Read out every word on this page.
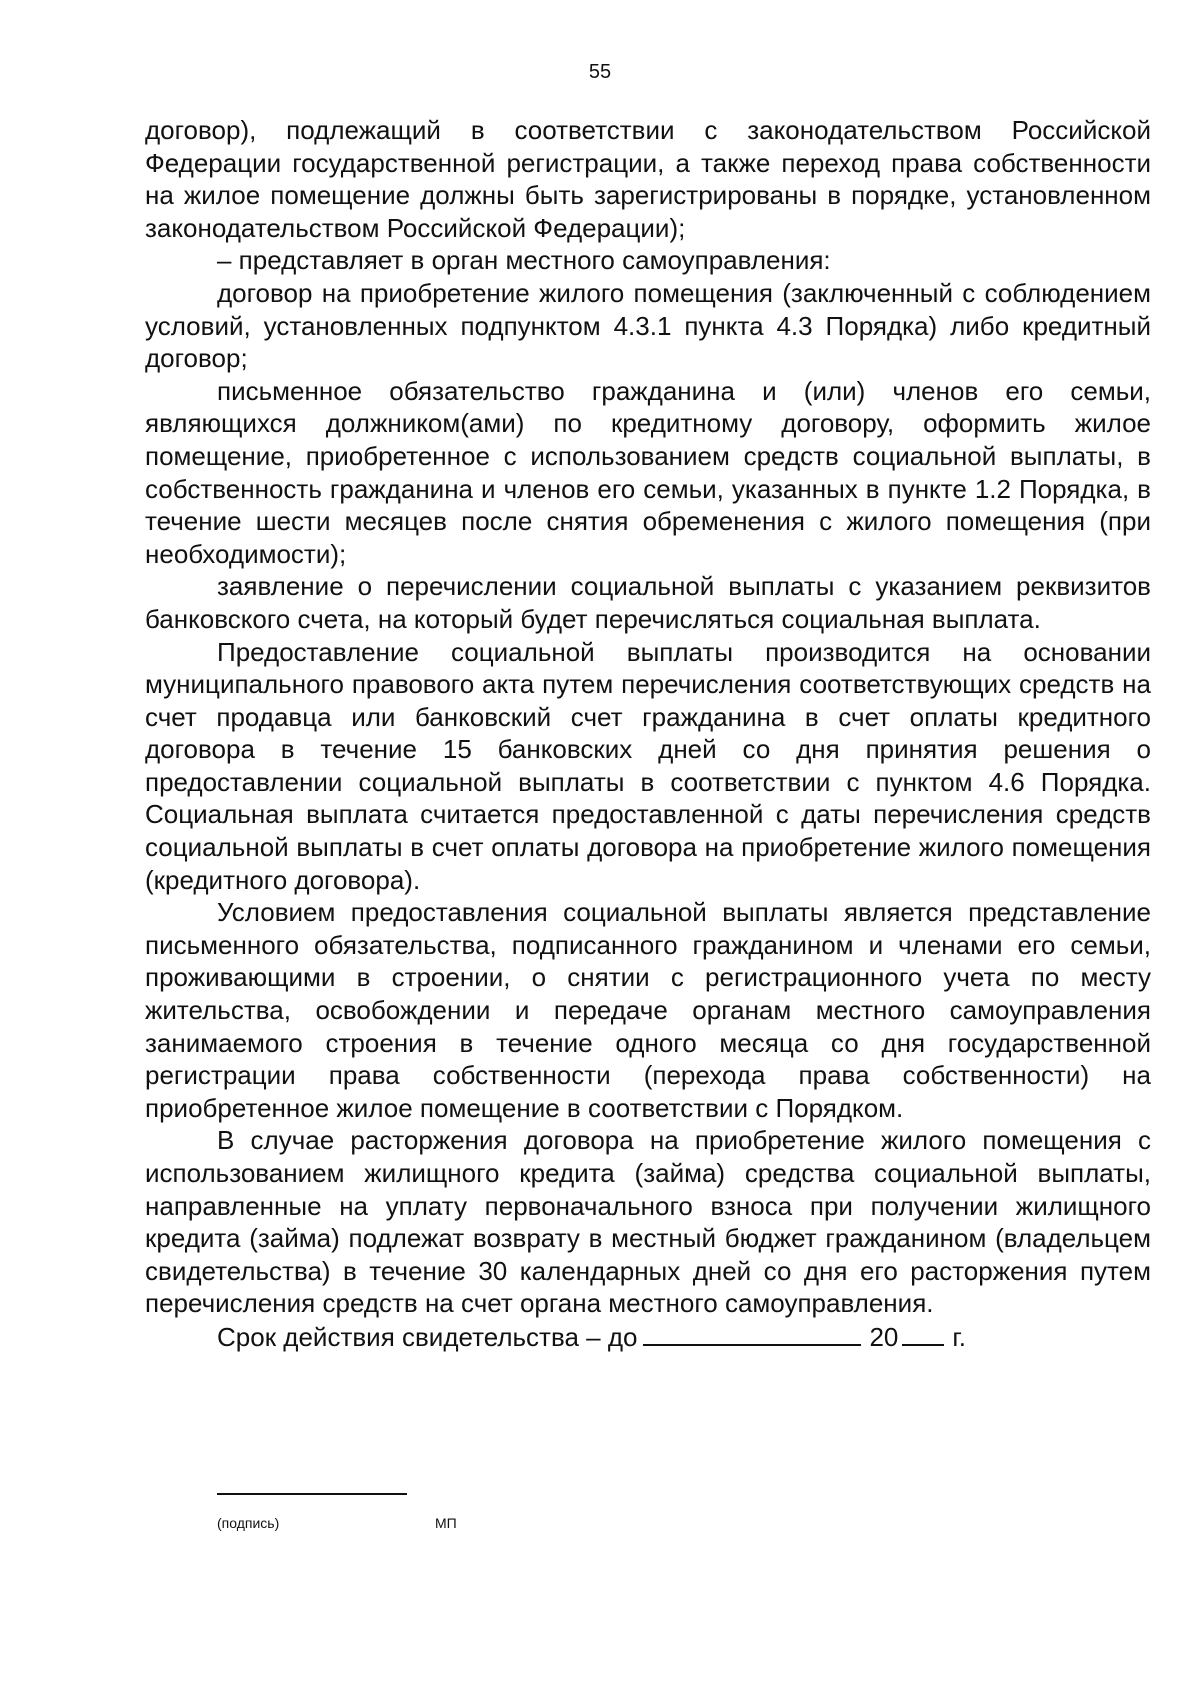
55

договор), подлежащий в соответствии с законодательством Российской Федерации государственной регистрации, а также переход права собственности на жилое помещение должны быть зарегистрированы в порядке, установленном законодательством Российской Федерации);

– представляет в орган местного самоуправления:

договор на приобретение жилого помещения (заключенный с соблюдением условий, установленных подпунктом 4.3.1 пункта 4.3 Порядка) либо кредитный договор;

письменное обязательство гражданина и (или) членов его семьи, являющихся должником(ами) по кредитному договору, оформить жилое помещение, приобретенное с использованием средств социальной выплаты, в собственность гражданина и членов его семьи, указанных в пункте 1.2 Порядка, в течение шести месяцев после снятия обременения с жилого помещения (при необходимости);

заявление о перечислении социальной выплаты с указанием реквизитов банковского счета, на который будет перечисляться социальная выплата.

Предоставление социальной выплаты производится на основании муниципального правового акта путем перечисления соответствующих средств на счет продавца или банковский счет гражданина в счет оплаты кредитного договора в течение 15 банковских дней со дня принятия решения о предоставлении социальной выплаты в соответствии с пунктом 4.6 Порядка. Социальная выплата считается предоставленной с даты перечисления средств социальной выплаты в счет оплаты договора на приобретение жилого помещения (кредитного договора).

Условием предоставления социальной выплаты является представление письменного обязательства, подписанного гражданином и членами его семьи, проживающими в строении, о снятии с регистрационного учета по месту жительства, освобождении и передаче органам местного самоуправления занимаемого строения в течение одного месяца со дня государственной регистрации права собственности (перехода права собственности) на приобретенное жилое помещение в соответствии с Порядком.

В случае расторжения договора на приобретение жилого помещения с использованием жилищного кредита (займа) средства социальной выплаты, направленные на уплату первоначального взноса при получении жилищного кредита (займа) подлежат возврату в местный бюджет гражданином (владельцем свидетельства) в течение 30 календарных дней со дня его расторжения путем перечисления средств на счет органа местного самоуправления.

Срок действия свидетельства – до	20 г.

(подпись)	МП
